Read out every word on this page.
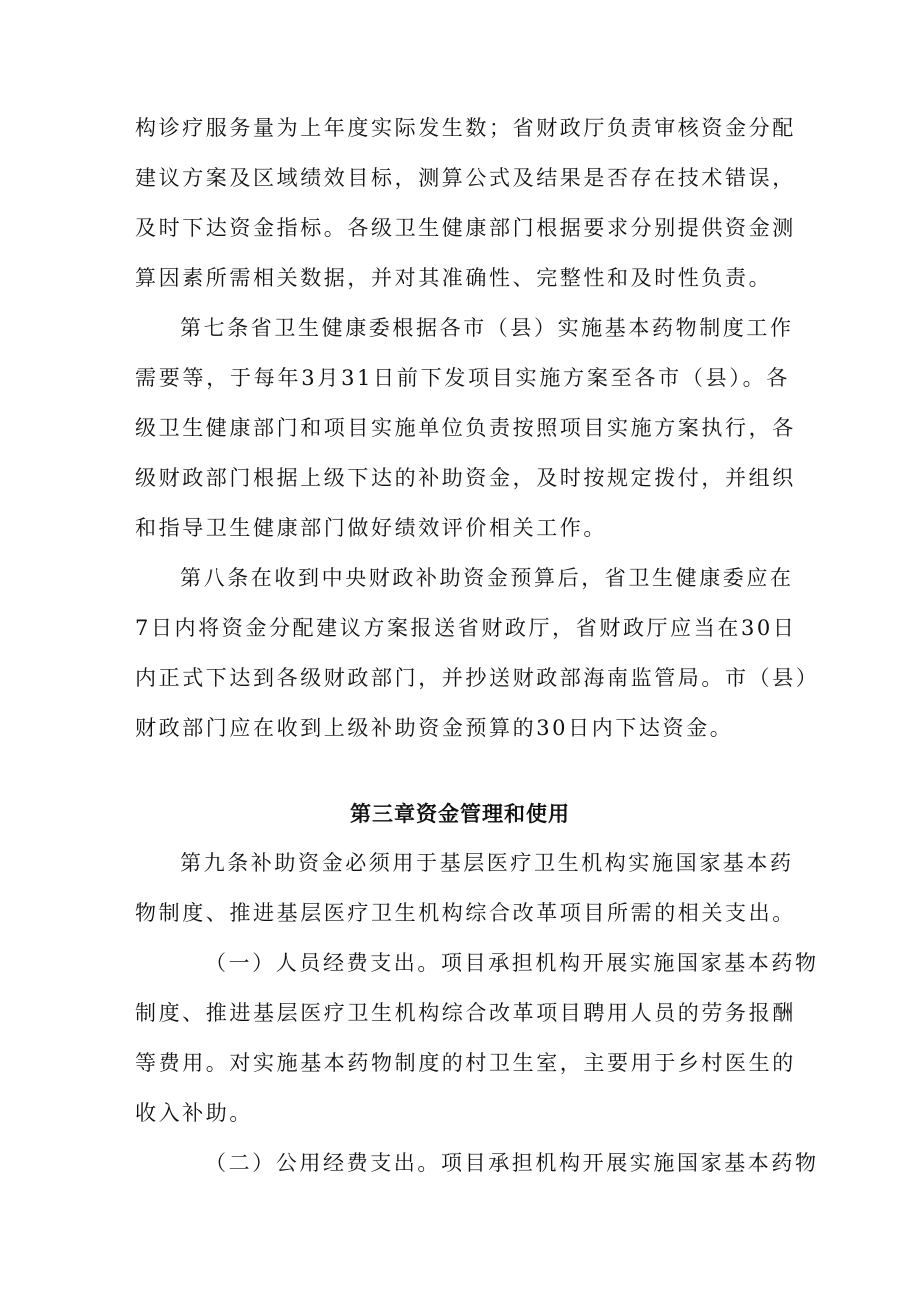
构诊疗服务量为上年度实际发生数；省财政厅负责审核资金分配
建议方案及区域绩效目标，测算公式及结果是否存在技术错误，
及时下达资金指标。各级卫生健康部门根据要求分别提供资金测
算因素所需相关数据，并对其准确性、完整性和及时性负责。
第七条省卫生健康委根据各市（县）实施基本药物制度工作
需要等，于每年3月31日前下发项目实施方案至各市（县）。各
级卫生健康部门和项目实施单位负责按照项目实施方案执行，各
级财政部门根据上级下达的补助资金，及时按规定拨付，并组织
和指导卫生健康部门做好绩效评价相关工作。
第八条在收到中央财政补助资金预算后，省卫生健康委应在
7日内将资金分配建议方案报送省财政厅，省财政厅应当在30日
内正式下达到各级财政部门，并抄送财政部海南监管局。市（县）
财政部门应在收到上级补助资金预算的30日内下达资金。
第三章资金管理和使用
第九条补助资金必须用于基层医疗卫生机构实施国家基本药
物制度、推进基层医疗卫生机构综合改革项目所需的相关支出。
（一）人员经费支出。项目承担机构开展实施国家基本药物
制度、推进基层医疗卫生机构综合改革项目聘用人员的劳务报酬
等费用。对实施基本药物制度的村卫生室，主要用于乡村医生的
收入补助。
（二）公用经费支出。项目承担机构开展实施国家基本药物
